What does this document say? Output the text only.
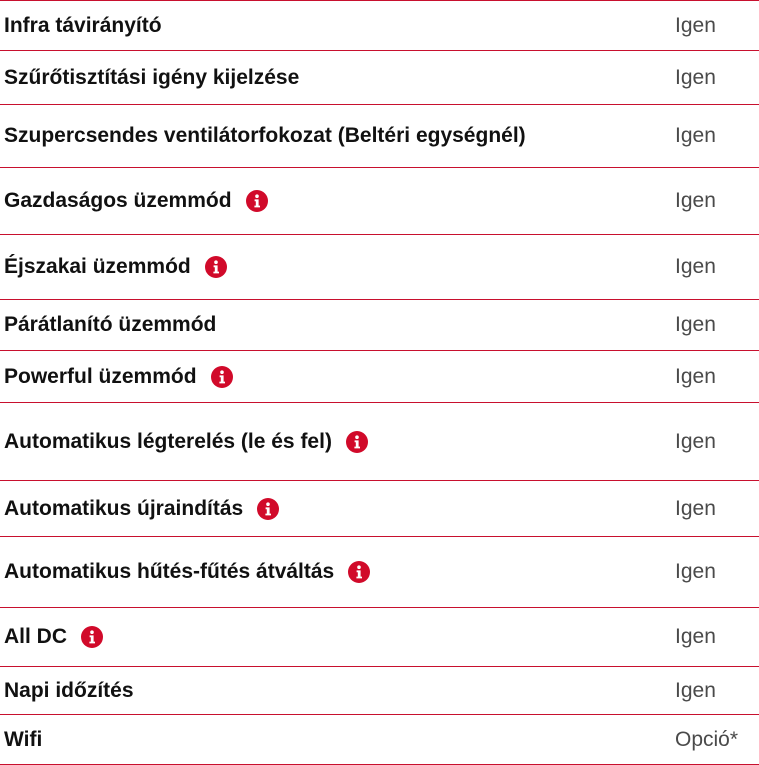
Infra távirányító	Igen
Szűrőtisztítási igény kijelzése	Igen
Szupercsendes ventilátorfokozat (Beltéri egységnél)	Igen
Gazdaságos üzemmód	Igen
Éjszakai üzemmód	Igen
Párátlanító üzemmód	Igen
Powerful üzemmód	Igen
Automatikus légterelés (le és fel)	Igen
Automatikus újraindítás	Igen
Automatikus hűtés-fűtés átváltás	Igen
All DC	Igen
Napi időzítés	Igen
Wifi	Opció*
